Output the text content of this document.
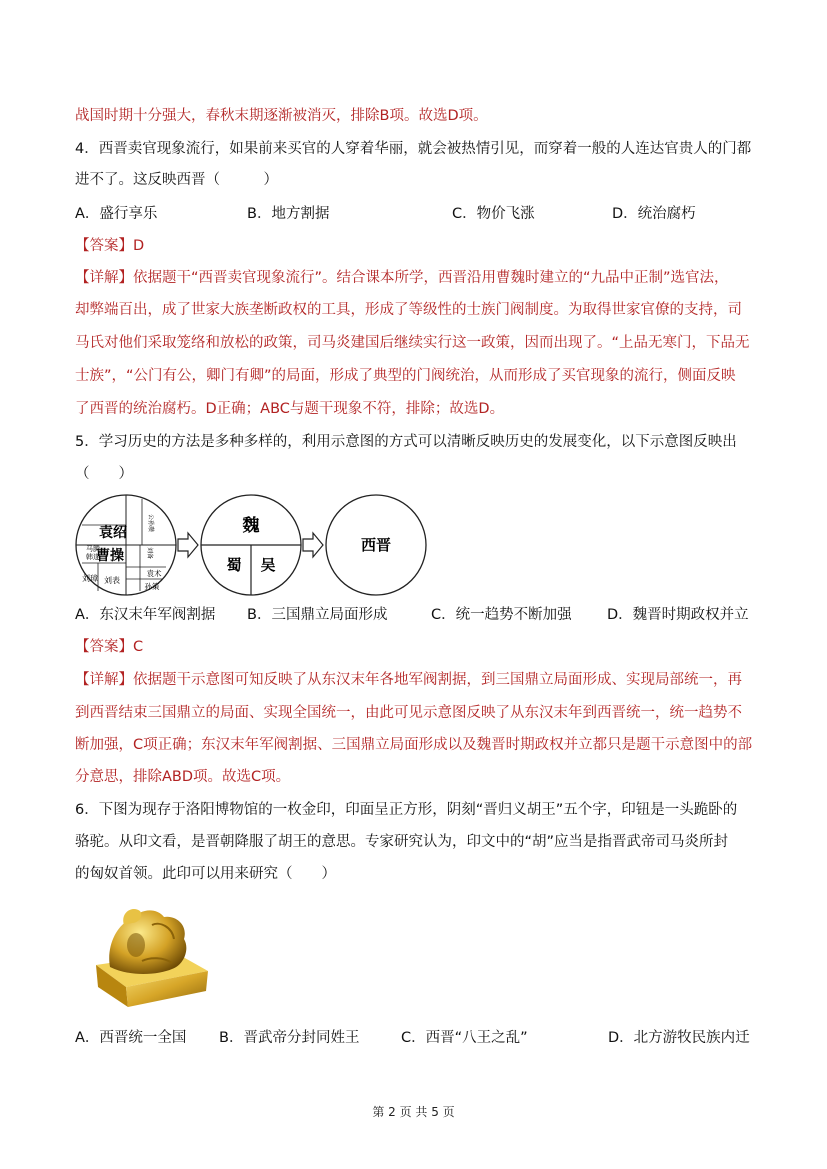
战国时期十分强大，春秋末期逐渐被消灭，排除B项。故选D项。
4．西晋卖官现象流行，如果前来买官的人穿着华丽，就会被热情引见，而穿着一般的人连达官贵人的门都
进不了。这反映西晋（　　　）
A．盛行享乐	B．地方割据	C．物价飞涨	D．统治腐朽
【答案】D
【详解】依据题干“西晋卖官现象流行”。结合课本所学，西晋沿用曹魏时建立的“九品中正制”选官法，
却弊端百出，成了世家大族垄断政权的工具，形成了等级性的士族门阀制度。为取得世家官僚的支持，司
马氏对他们采取笼络和放松的政策，司马炎建国后继续实行这一政策，因而出现了。“上品无寒门，下品无
士族”，“公门有公，卿门有卿”的局面，形成了典型的门阀统治，从而形成了买官现象的流行，侧面反映
了西晋的统治腐朽。D正确；ABC与题干现象不符，排除；故选D。
5．学习历史的方法是多种多样的，利用示意图的方式可以清晰反映历史的发展变化，以下示意图反映出
（　　）
袁绍
曹操
公孙瓒
马腾
韩遂
刘璋 刘表
刘备
袁术
孙策
魏
蜀 吴
西晋
A．东汉末年军阀割据 B．三国鼎立局面形成	C．统一趋势不断加强 D．魏晋时期政权并立
【答案】C
【详解】依据题干示意图可知反映了从东汉末年各地军阀割据，到三国鼎立局面形成、实现局部统一，再
到西晋结束三国鼎立的局面、实现全国统一，由此可见示意图反映了从东汉末年到西晋统一，统一趋势不
断加强，C项正确；东汉末年军阀割据、三国鼎立局面形成以及魏晋时期政权并立都只是题干示意图中的部
分意思，排除ABD项。故选C项。
6．下图为现存于洛阳博物馆的一枚金印，印面呈正方形，阴刻“晋归义胡王”五个字，印钮是一头跪卧的
骆驼。从印文看，是晋朝降服了胡王的意思。专家研究认为，印文中的“胡”应当是指晋武帝司马炎所封
的匈奴首领。此印可以用来研究（　　）
A．西晋统一全国 B．晋武帝分封同姓王	C．西晋“八王之乱”	D．北方游牧民族内迁
第 2 页 共 5 页
